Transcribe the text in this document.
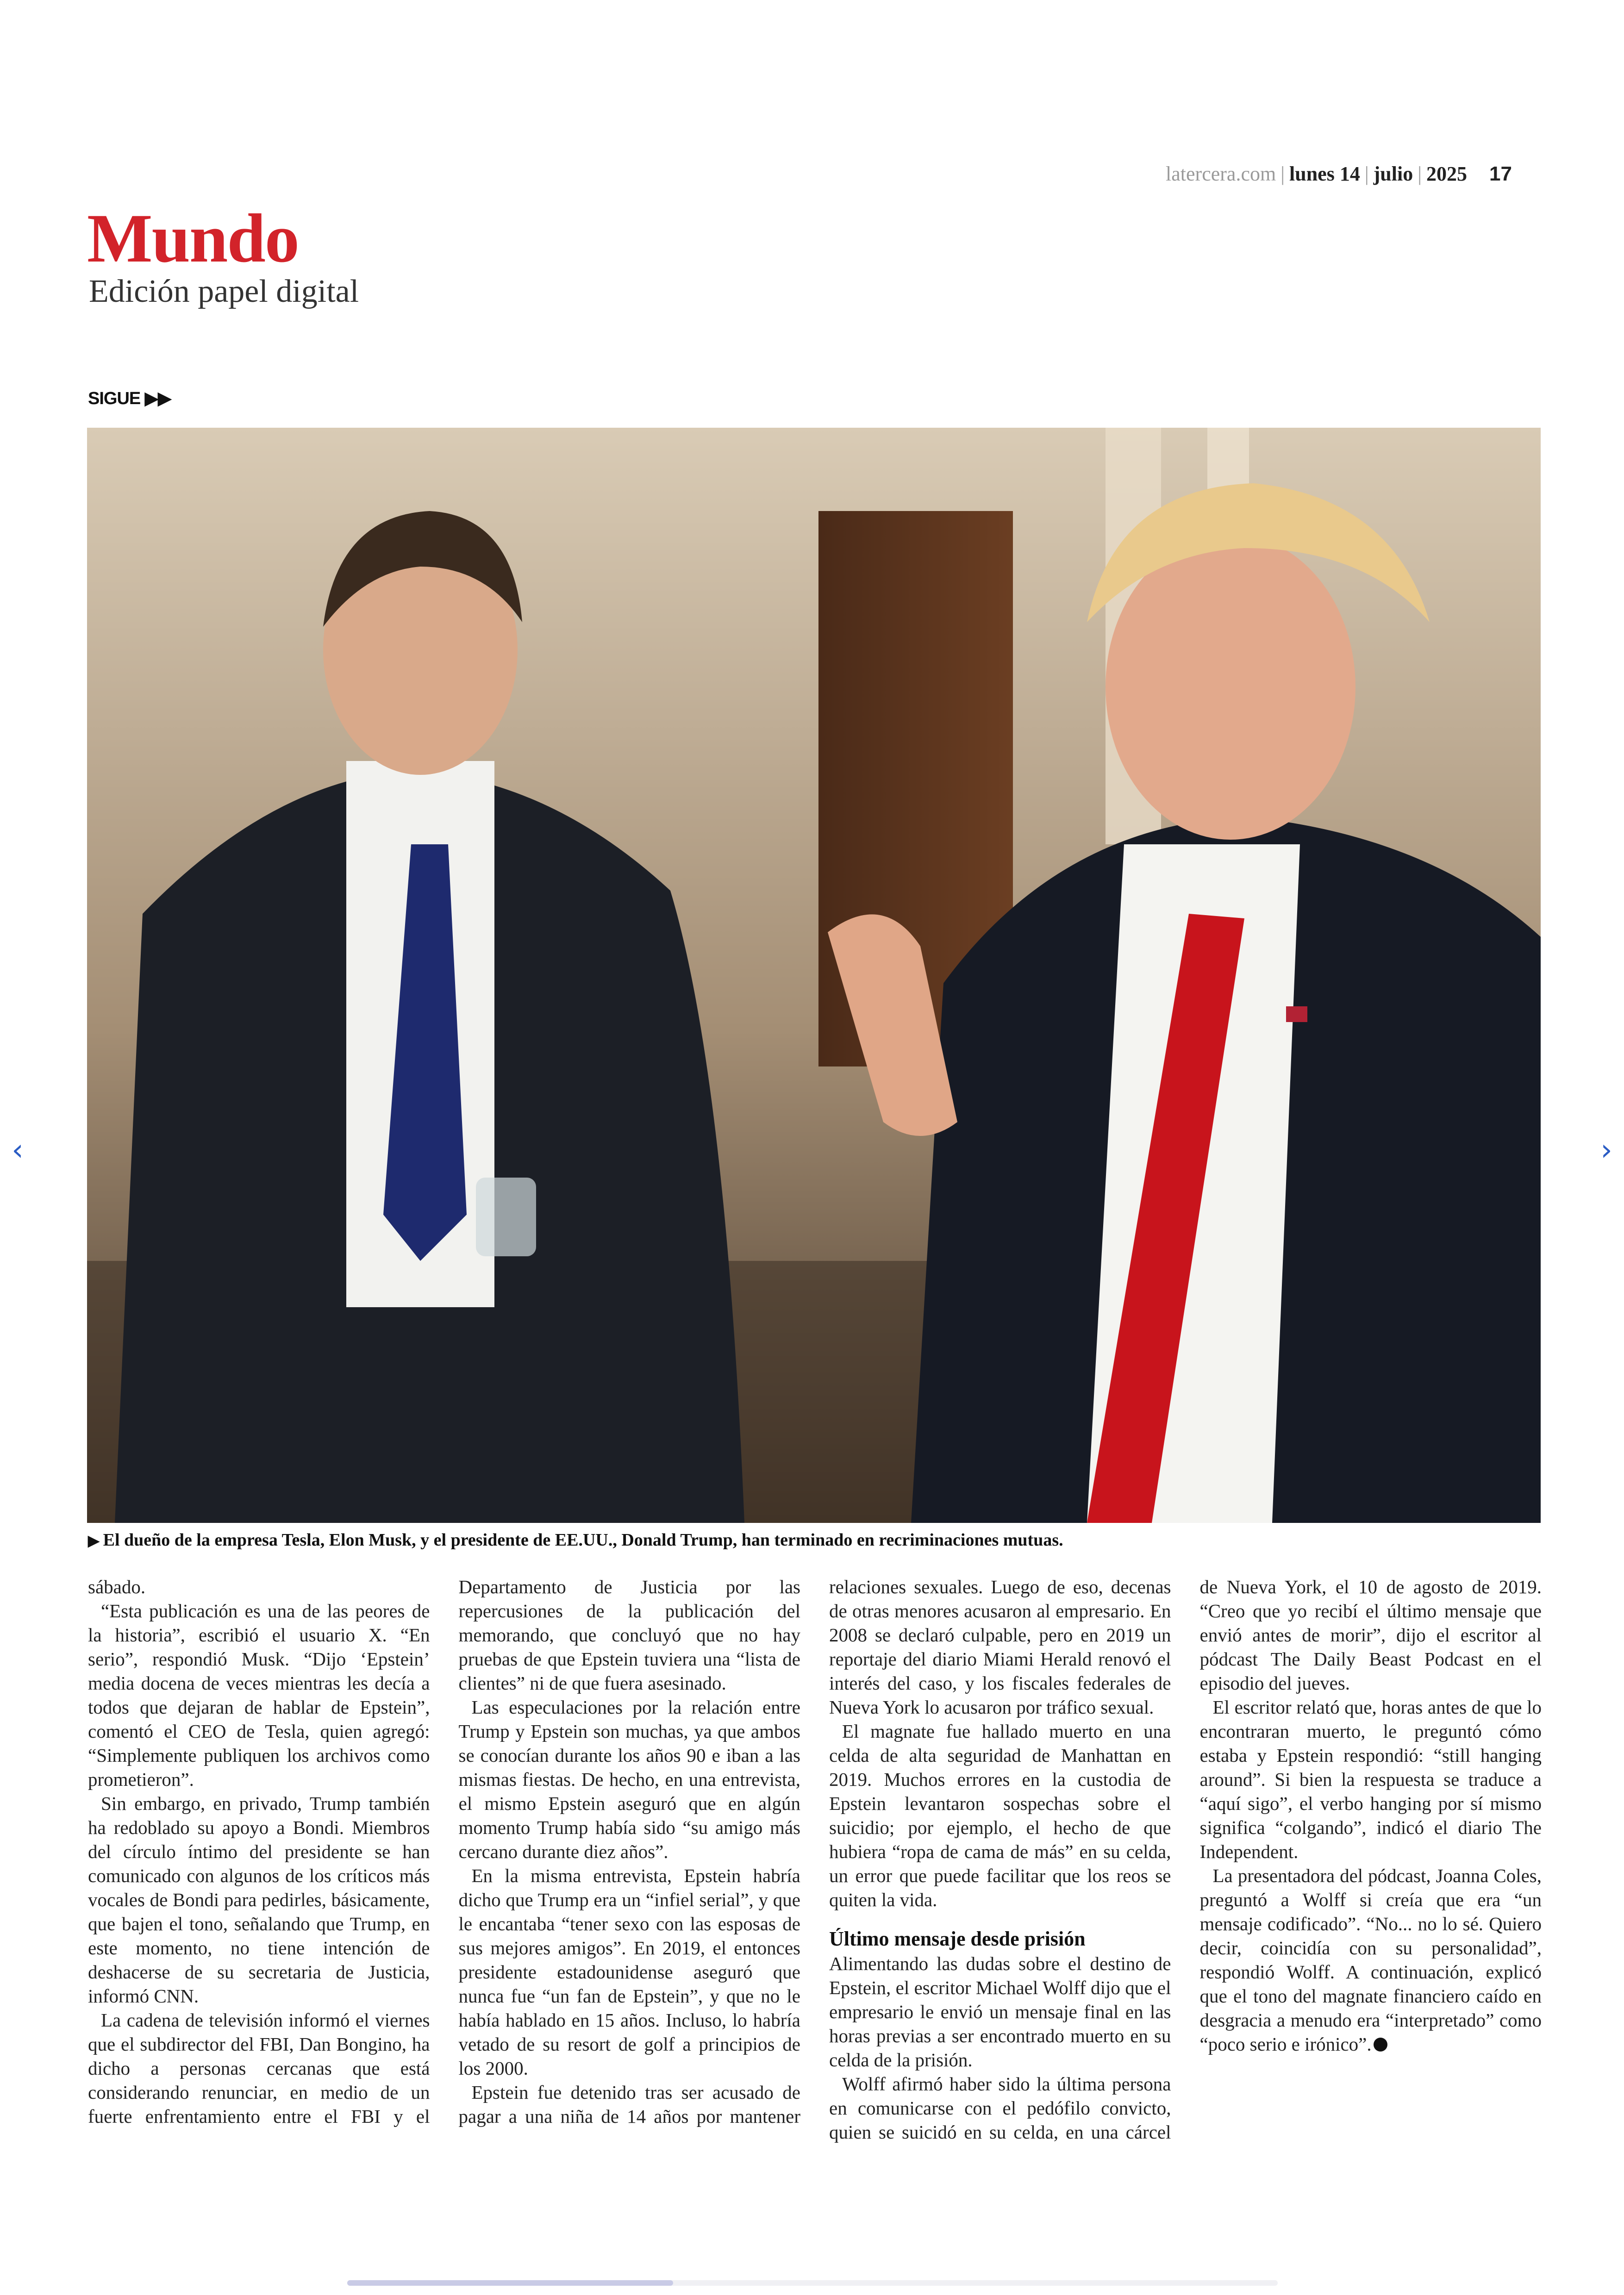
latercera.com | lunes 14 | julio | 2025 17
Mundo
Edición papel digital
SIGUE ▶▶
▶ El dueño de la empresa Tesla, Elon Musk, y el presidente de EE.UU., Donald Trump, han terminado en recriminaciones mutuas.

sábado.

“Esta publicación es una de las peores de la historia”, escribió el usuario X. “En serio”, respondió Musk. “Dijo ‘Epstein’ media docena de veces mientras les decía a todos que dejaran de hablar de Epstein”, comentó el CEO de Tesla, quien agregó: “Simplemente publiquen los archivos como prometieron”.

Sin embargo, en privado, Trump también ha redoblado su apoyo a Bondi. Miembros del círculo íntimo del presidente se han comunicado con algunos de los críticos más vocales de Bondi para pedirles, básicamente, que bajen el tono, señalando que Trump, en este momento, no tiene intención de deshacerse de su secretaria de Justicia, informó CNN.

La cadena de televisión informó el viernes que el subdirector del FBI, Dan Bongino, ha dicho a personas cercanas que está considerando renunciar, en medio de un fuerte enfrentamiento entre el FBI y el Departamento de Justicia por las repercusiones de la publicación del memorando, que concluyó que no hay pruebas de que Epstein tuviera una “lista de clientes” ni de que fuera asesinado.

Las especulaciones por la relación entre Trump y Epstein son muchas, ya que ambos se conocían durante los años 90 e iban a las mismas fiestas. De hecho, en una entrevista, el mismo Epstein aseguró que en algún momento Trump había sido “su amigo más cercano durante diez años”.

En la misma entrevista, Epstein habría dicho que Trump era un “infiel serial”, y que le encantaba “tener sexo con las esposas de sus mejores amigos”. En 2019, el entonces presidente estadounidense aseguró que nunca fue “un fan de Epstein”, y que no le había hablado en 15 años. Incluso, lo habría vetado de su resort de golf a principios de los 2000.

Epstein fue detenido tras ser acusado de pagar a una niña de 14 años por mantener relaciones sexuales. Luego de eso, decenas de otras menores acusaron al empresario. En 2008 se declaró culpable, pero en 2019 un reportaje del diario Miami Herald renovó el interés del caso, y los fiscales federales de Nueva York lo acusaron por tráfico sexual.

El magnate fue hallado muerto en una celda de alta seguridad de Manhattan en 2019. Muchos errores en la custodia de Epstein levantaron sospechas sobre el suicidio; por ejemplo, el hecho de que hubiera “ropa de cama de más” en su celda, un error que puede facilitar que los reos se quiten la vida.

Último mensaje desde prisión

Alimentando las dudas sobre el destino de Epstein, el escritor Michael Wolff dijo que el empresario le envió un mensaje final en las horas previas a ser encontrado muerto en su celda de la prisión.

Wolff afirmó haber sido la última persona en comunicarse con el pedófilo convicto, quien se suicidó en su celda, en una cárcel de Nueva York, el 10 de agosto de 2019. “Creo que yo recibí el último mensaje que envió antes de morir”, dijo el escritor al pódcast The Daily Beast Podcast en el episodio del jueves.

El escritor relató que, horas antes de que lo encontraran muerto, le preguntó cómo estaba y Epstein respondió: “still hanging around”. Si bien la respuesta se traduce a “aquí sigo”, el verbo hanging por sí mismo significa “colgando”, indicó el diario The Independent.

La presentadora del pódcast, Joanna Coles, preguntó a Wolff si creía que era “un mensaje codificado”. “No... no lo sé. Quiero decir, coincidía con su personalidad”, respondió Wolff. A continuación, explicó que el tono del magnate financiero caído en desgracia a menudo era “interpretado” como “poco serio e irónico”.

‹	›
